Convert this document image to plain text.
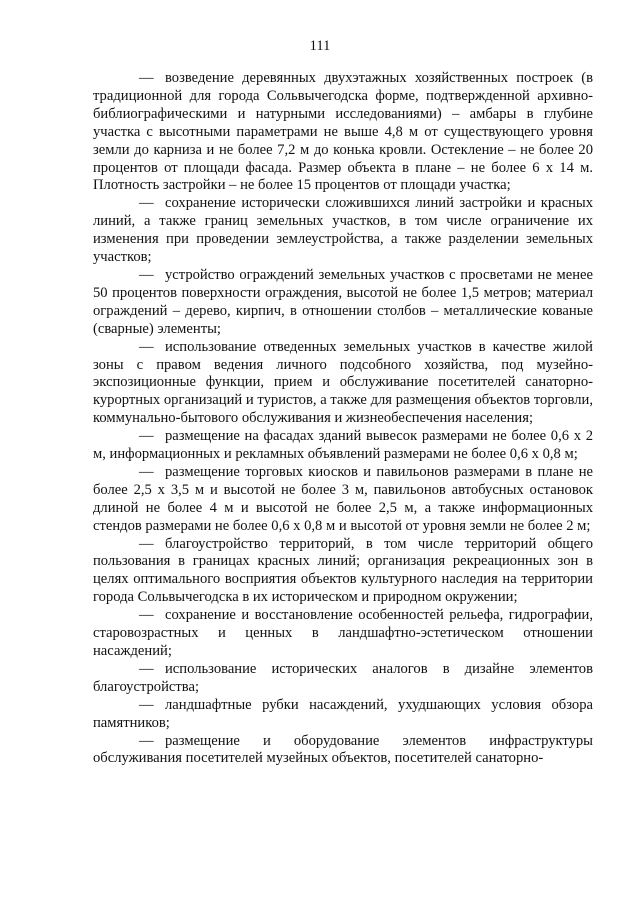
111

— возведение деревянных двухэтажных хозяйственных построек (в традиционной для города Сольвычегодска форме, подтвержденной архивно-библиографическими и натурными исследованиями) – амбары в глубине участка с высотными параметрами не выше 4,8 м от существующего уровня земли до карниза и не более 7,2 м до конька кровли. Остекление – не более 20 процентов от площади фасада. Размер объекта в плане – не более 6 х 14 м. Плотность застройки – не более 15 процентов от площади участка;

— сохранение исторически сложившихся линий застройки и красных линий, а также границ земельных участков, в том числе ограничение их изменения при проведении землеустройства, а также разделении земельных участков;

— устройство ограждений земельных участков с просветами не менее 50 процентов поверхности ограждения, высотой не более 1,5 метров; материал ограждений – дерево, кирпич, в отношении столбов – металлические кованые (сварные) элементы;

— использование отведенных земельных участков в качестве жилой зоны с правом ведения личного подсобного хозяйства, под музейно-экспозиционные функции, прием и обслуживание посетителей санаторно-курортных организаций и туристов, а также для размещения объектов торговли, коммунально-бытового обслуживания и жизнеобеспечения населения;

— размещение на фасадах зданий вывесок размерами не более 0,6 х 2 м, информационных и рекламных объявлений размерами не более 0,6 х 0,8 м;

— размещение торговых киосков и павильонов размерами в плане не более 2,5 х 3,5 м и высотой не более 3 м, павильонов автобусных остановок длиной не более 4 м и высотой не более 2,5 м, а также информационных стендов размерами не более 0,6 х 0,8 м и высотой от уровня земли не более 2 м;

— благоустройство территорий, в том числе территорий общего пользования в границах красных линий; организация рекреационных зон в целях оптимального восприятия объектов культурного наследия на территории города Сольвычегодска в их историческом и природном окружении;

— сохранение и восстановление особенностей рельефа, гидрографии, старовозрастных и ценных в ландшафтно-эстетическом отношении насаждений;

— использование исторических аналогов в дизайне элементов благоустройства;

— ландшафтные рубки насаждений, ухудшающих условия обзора памятников;

— размещение и оборудование элементов инфраструктуры обслуживания посетителей музейных объектов, посетителей санаторно-
